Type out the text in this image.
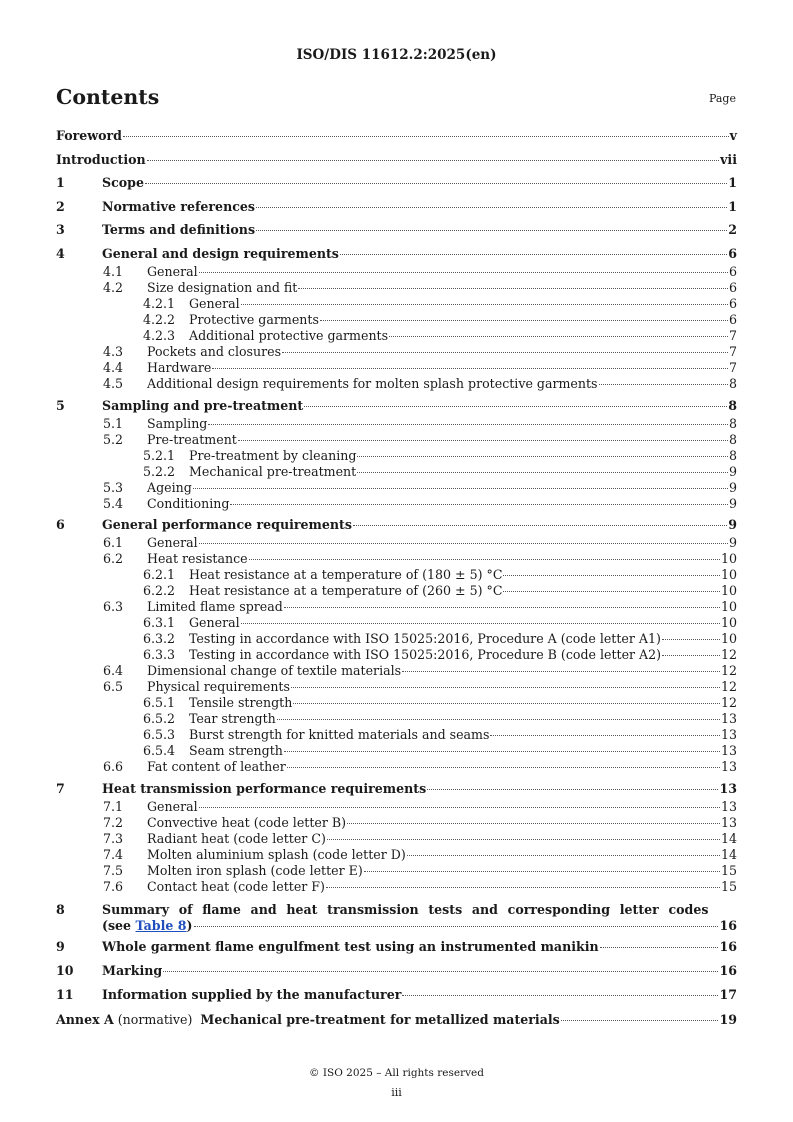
ISO/DIS 11612.2:2025(en)
Contents	Page
Foreword	v
Introduction	vii
1	Scope	1
2	Normative references	1
3	Terms and definitions	2
4	General and design requirements	6
4.1	General	6
4.2	Size designation and fit	6
4.2.1	General	6
4.2.2	Protective garments	6
4.2.3	Additional protective garments	7
4.3	Pockets and closures	7
4.4	Hardware	7
4.5	Additional design requirements for molten splash protective garments	8
5	Sampling and pre-treatment	8
5.1	Sampling	8
5.2	Pre-treatment	8
5.2.1	Pre-treatment by cleaning	8
5.2.2	Mechanical pre-treatment	9
5.3	Ageing	9
5.4	Conditioning	9
6	General performance requirements	9
6.1	General	9
6.2	Heat resistance	10
6.2.1	Heat resistance at a temperature of (180 ± 5) °C	10
6.2.2	Heat resistance at a temperature of (260 ± 5) °C	10
6.3	Limited flame spread	10
6.3.1	General	10
6.3.2	Testing in accordance with ISO 15025:2016, Procedure A (code letter A1)	10
6.3.3	Testing in accordance with ISO 15025:2016, Procedure B (code letter A2)	12
6.4	Dimensional change of textile materials	12
6.5	Physical requirements	12
6.5.1	Tensile strength	12
6.5.2	Tear strength	13
6.5.3	Burst strength for knitted materials and seams	13
6.5.4	Seam strength	13
6.6	Fat content of leather	13
7	Heat transmission performance requirements	13
7.1	General	13
7.2	Convective heat (code letter B)	13
7.3	Radiant heat (code letter C)	14
7.4	Molten aluminium splash (code letter D)	14
7.5	Molten iron splash (code letter E)	15
7.6	Contact heat (code letter F)	15
8	Summary of flame and heat transmission tests and corresponding letter codes
(see Table 8)	16
9	Whole garment flame engulfment test using an instrumented manikin	16
10	Marking	16
11	Information supplied by the manufacturer	17
Annex A (normative) Mechanical pre-treatment for metallized materials	19
© ISO 2025 – All rights reserved
iii
